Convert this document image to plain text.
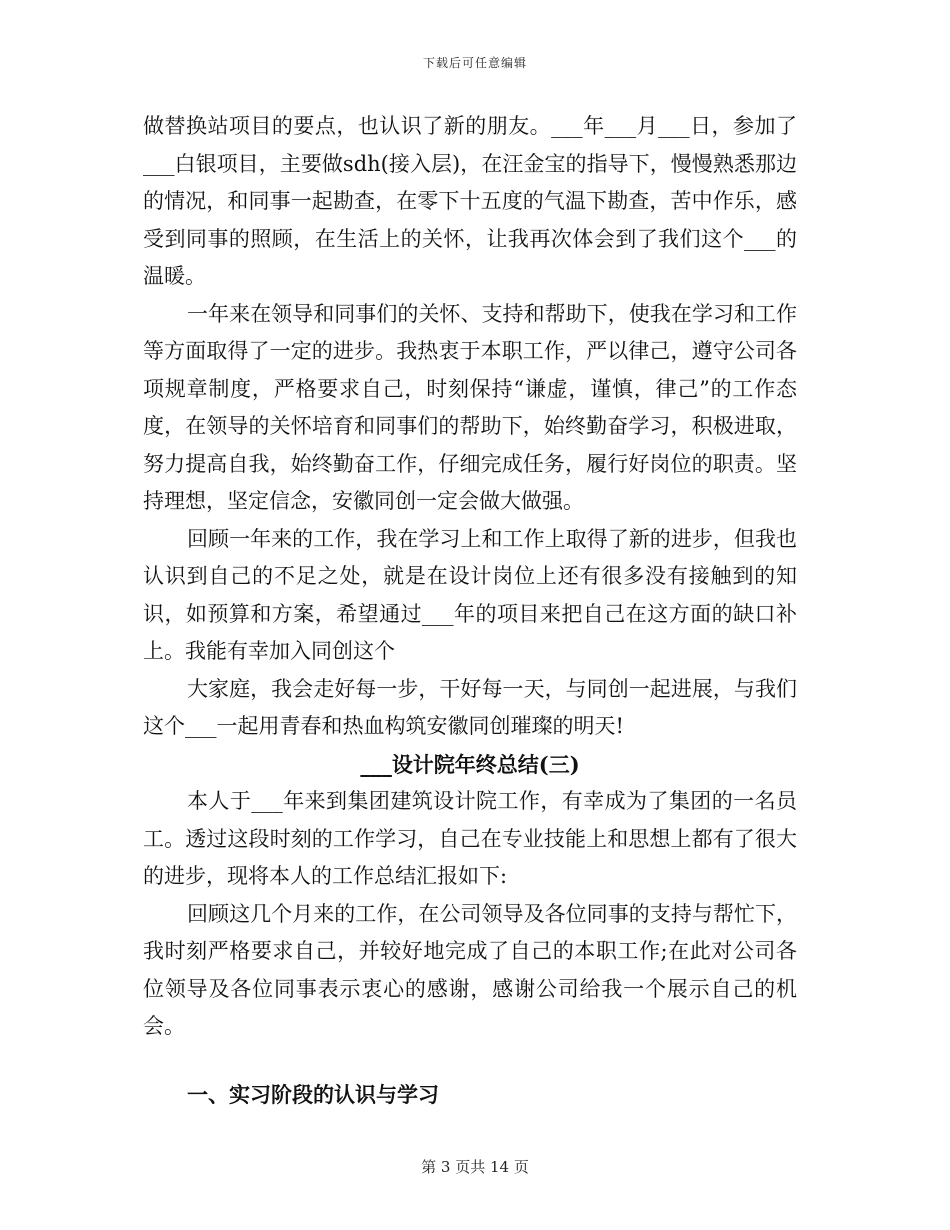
下载后可任意编辑

做替换站项目的要点，也认识了新的朋友。___年___月___日，参加了___白银项目，主要做sdh(接入层)，在汪金宝的指导下，慢慢熟悉那边的情况，和同事一起勘查，在零下十五度的气温下勘查，苦中作乐，感受到同事的照顾，在生活上的关怀，让我再次体会到了我们这个___的温暖。

一年来在领导和同事们的关怀、支持和帮助下，使我在学习和工作等方面取得了一定的进步。我热衷于本职工作，严以律己，遵守公司各项规章制度，严格要求自己，时刻保持“谦虚，谨慎，律己”的工作态度，在领导的关怀培育和同事们的帮助下，始终勤奋学习，积极进取，努力提高自我，始终勤奋工作，仔细完成任务，履行好岗位的职责。坚持理想，坚定信念，安徽同创一定会做大做强。

回顾一年来的工作，我在学习上和工作上取得了新的进步，但我也认识到自己的不足之处，就是在设计岗位上还有很多没有接触到的知识，如预算和方案，希望通过___年的项目来把自己在这方面的缺口补上。我能有幸加入同创这个

大家庭，我会走好每一步，干好每一天，与同创一起进展，与我们这个___一起用青春和热血构筑安徽同创璀璨的明天!

___设计院年终总结(三)

本人于___年来到集团建筑设计院工作，有幸成为了集团的一名员工。透过这段时刻的工作学习，自己在专业技能上和思想上都有了很大的进步，现将本人的工作总结汇报如下:

回顾这几个月来的工作，在公司领导及各位同事的支持与帮忙下，我时刻严格要求自己，并较好地完成了自己的本职工作;在此对公司各位领导及各位同事表示衷心的感谢，感谢公司给我一个展示自己的机会。

一、实习阶段的认识与学习

第 3 页共 14 页
